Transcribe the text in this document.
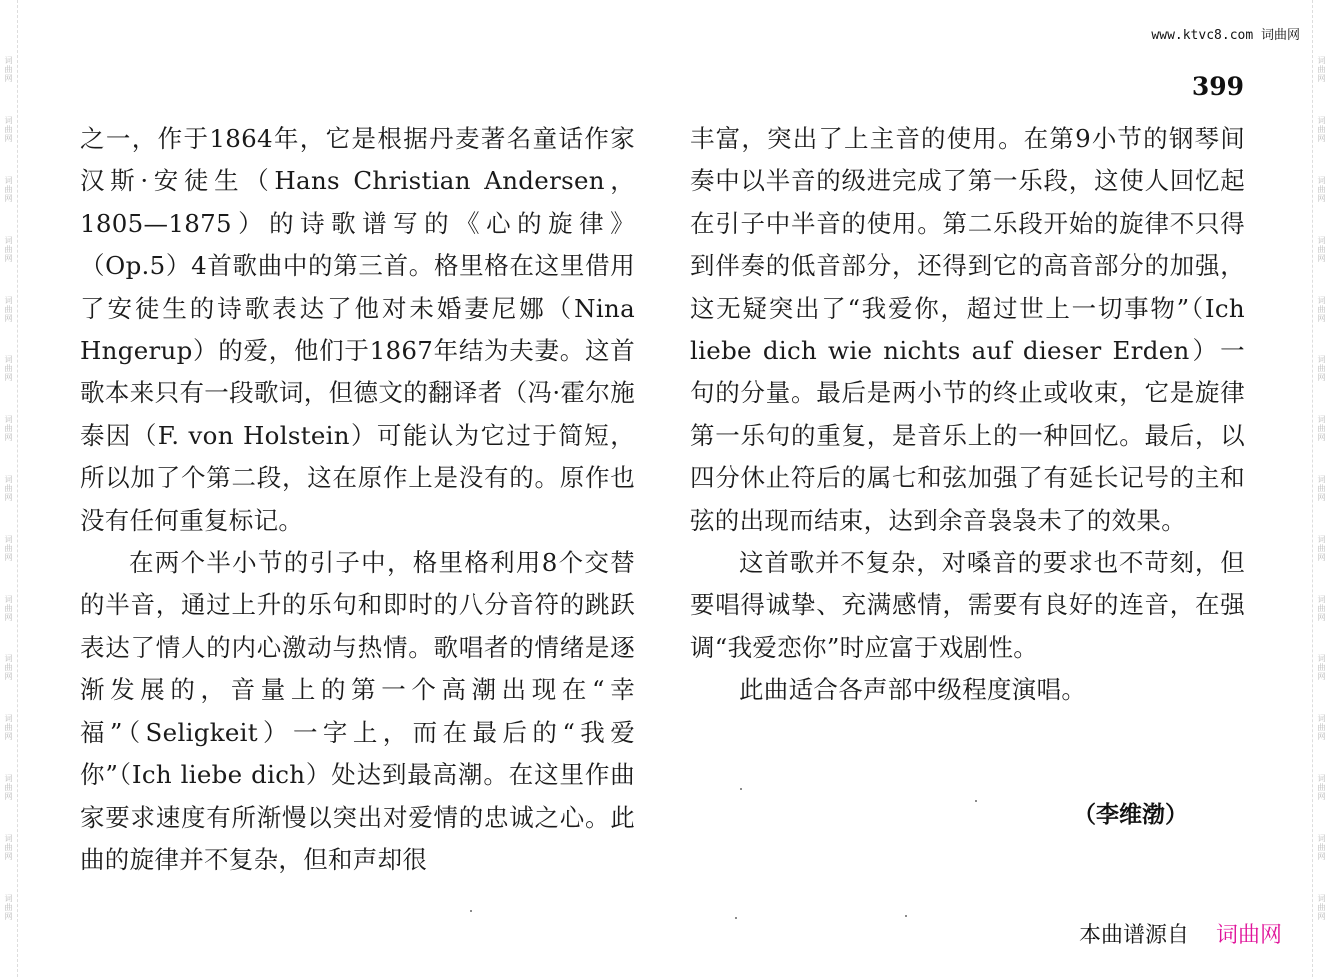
词曲网
词曲网
词曲网
词曲网
词曲网
词曲网
词曲网
词曲网
词曲网
词曲网
词曲网
词曲网
词曲网
词曲网
词曲网
词曲网
词曲网
词曲网
词曲网
词曲网
词曲网
词曲网
词曲网
词曲网
词曲网
词曲网
词曲网
词曲网
词曲网
词曲网
www.ktvc8.com 词曲网
399

之一，作于1864年，它是根据丹麦著名童话作家汉斯·安徒生（Hans Christian Andersen，1805—1875）的诗歌谱写的《心的旋律》（Op.5）4首歌曲中的第三首。格里格在这里借用了安徒生的诗歌表达了他对未婚妻尼娜（Nina Hngerup）的爱，他们于1867年结为夫妻。这首歌本来只有一段歌词，但德文的翻译者（冯·霍尔施泰因（F. von Holstein）可能认为它过于简短，所以加了个第二段，这在原作上是没有的。原作也没有任何重复标记。

在两个半小节的引子中，格里格利用8个交替的半音，通过上升的乐句和即时的八分音符的跳跃表达了情人的内心激动与热情。歌唱者的情绪是逐渐发展的，音量上的第一个高潮出现在“幸福”（Seligkeit）一字上，而在最后的“我爱你”（Ich liebe dich）处达到最高潮。在这里作曲家要求速度有所渐慢以突出对爱情的忠诚之心。此曲的旋律并不复杂，但和声却很

丰富，突出了上主音的使用。在第9小节的钢琴间奏中以半音的级进完成了第一乐段，这使人回忆起在引子中半音的使用。第二乐段开始的旋律不只得到伴奏的低音部分，还得到它的高音部分的加强，这无疑突出了“我爱你，超过世上一切事物”（Ich liebe dich wie nichts auf dieser Erden）一句的分量。最后是两小节的终止或收束，它是旋律第一乐句的重复，是音乐上的一种回忆。最后，以四分休止符后的属七和弦加强了有延长记号的主和弦的出现而结束，达到余音袅袅未了的效果。

这首歌并不复杂，对嗓音的要求也不苛刻，但要唱得诚挚、充满感情，需要有良好的连音，在强调“我爱恋你”时应富于戏剧性。

此曲适合各声部中级程度演唱。

（李维渤）
本曲谱源自 词曲网
